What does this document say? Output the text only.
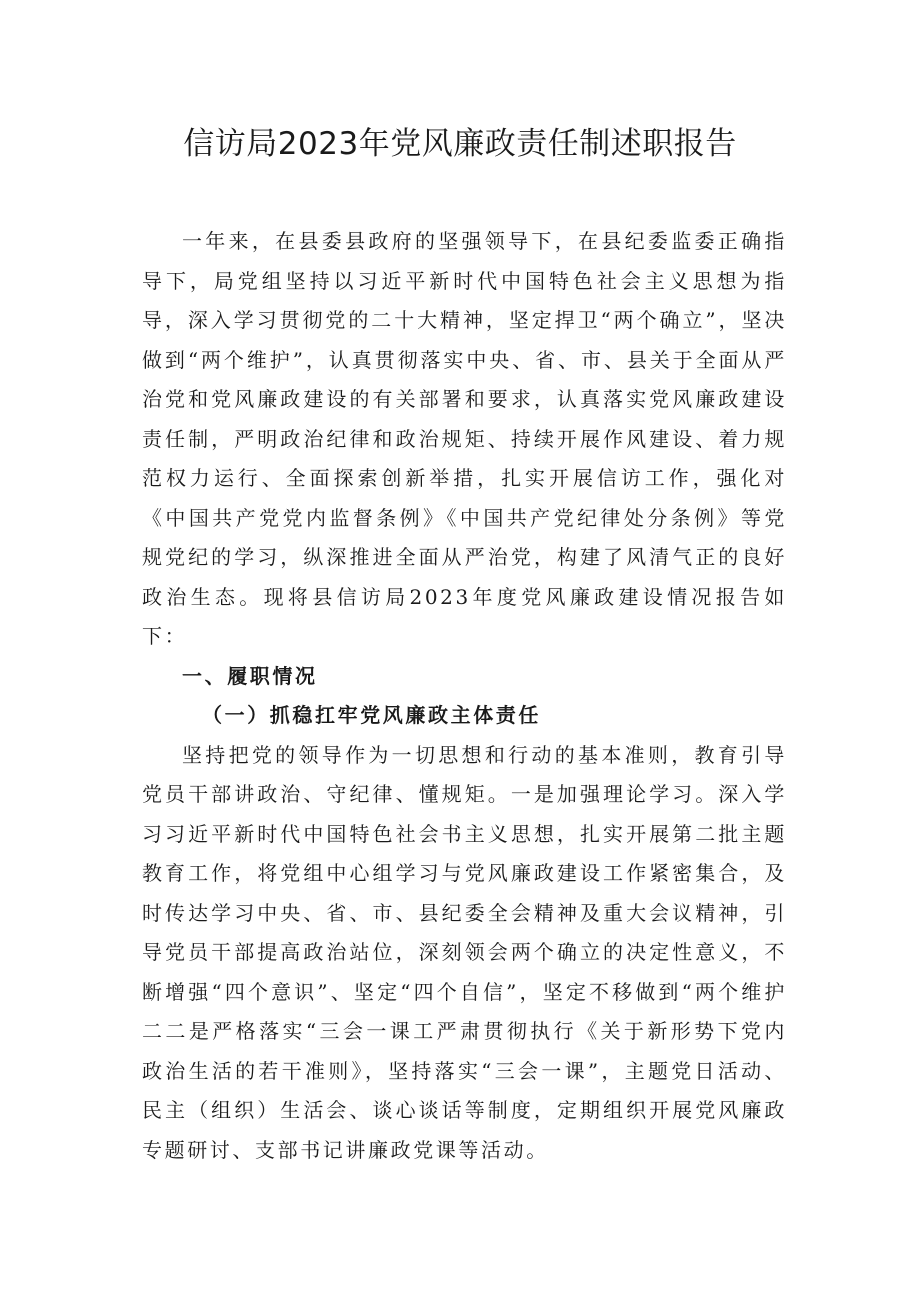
信访局2023年党风廉政责任制述职报告

一年来，在县委县政府的坚强领导下，在县纪委监委正确指导下，局党组坚持以习近平新时代中国特色社会主义思想为指导，深入学习贯彻党的二十大精神，坚定捍卫“两个确立”，坚决做到“两个维护”，认真贯彻落实中央、省、市、县关于全面从严治党和党风廉政建设的有关部署和要求，认真落实党风廉政建设责任制，严明政治纪律和政治规矩、持续开展作风建设、着力规范权力运行、全面探索创新举措，扎实开展信访工作，强化对《中国共产党党内监督条例》《中国共产党纪律处分条例》等党规党纪的学习，纵深推进全面从严治党，构建了风清气正的良好政治生态。现将县信访局2023年度党风廉政建设情况报告如下：

一、履职情况

（一）抓稳扛牢党风廉政主体责任

坚持把党的领导作为一切思想和行动的基本准则，教育引导党员干部讲政治、守纪律、懂规矩。一是加强理论学习。深入学习习近平新时代中国特色社会书主义思想，扎实开展第二批主题教育工作，将党组中心组学习与党风廉政建设工作紧密集合，及时传达学习中央、省、市、县纪委全会精神及重大会议精神，引导党员干部提高政治站位，深刻领会两个确立的决定性意义，不断增强“四个意识”、坚定“四个自信”，坚定不移做到“两个维护二二是严格落实“三会一课工严肃贯彻执行《关于新形势下党内政治生活的若干准则》，坚持落实“三会一课”，主题党日活动、民主（组织）生活会、谈心谈话等制度，定期组织开展党风廉政专题研讨、支部书记讲廉政党课等活动。
